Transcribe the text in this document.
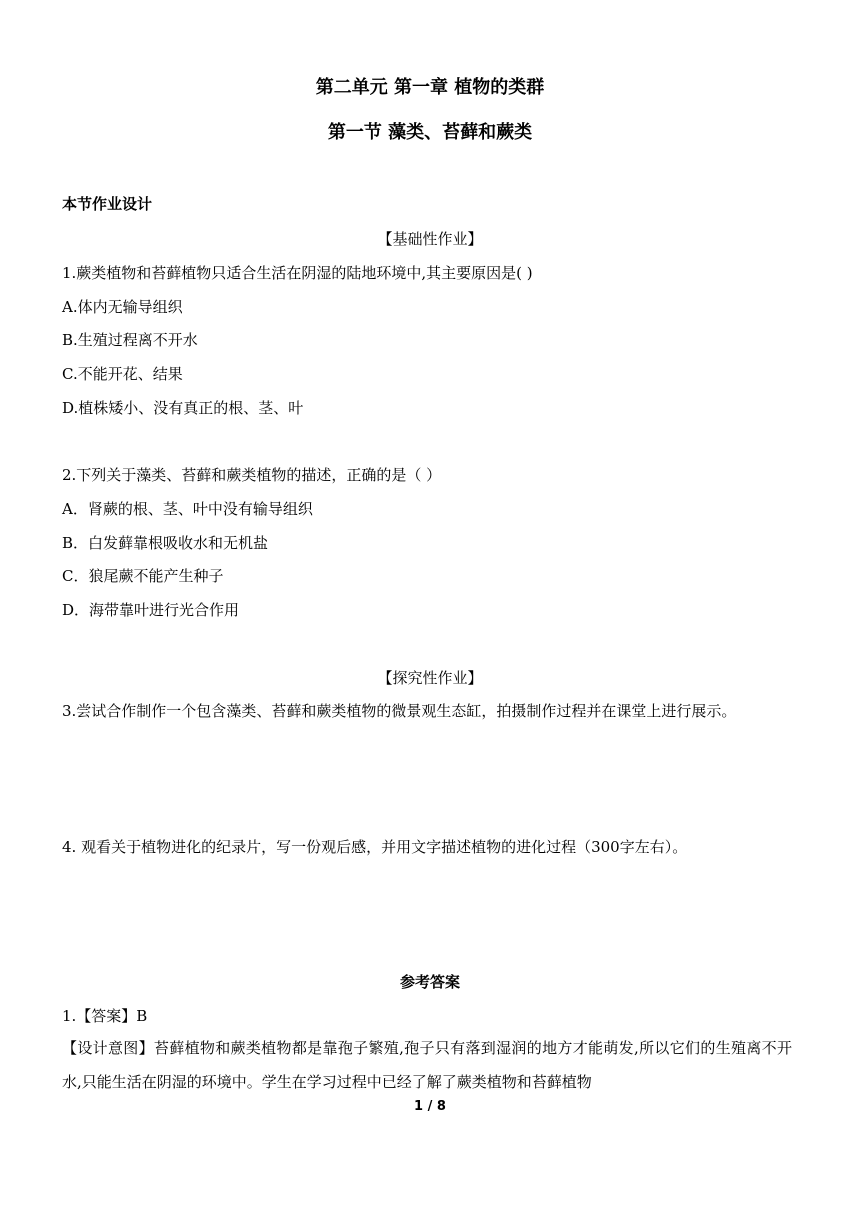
第二单元 第一章 植物的类群
第一节 藻类、苔藓和蕨类
本节作业设计
【基础性作业】
1.蕨类植物和苔藓植物只适合生活在阴湿的陆地环境中,其主要原因是( )
A.体内无输导组织
B.生殖过程离不开水
C.不能开花、结果
D.植株矮小、没有真正的根、茎、叶
2.下列关于藻类、苔藓和蕨类植物的描述，正确的是（ ）
A．肾蕨的根、茎、叶中没有输导组织
B．白发藓靠根吸收水和无机盐
C．狼尾蕨不能产生种子
D．海带靠叶进行光合作用
【探究性作业】
3.尝试合作制作一个包含藻类、苔藓和蕨类植物的微景观生态缸，拍摄制作过程并在课堂上进行展示。
4. 观看关于植物进化的纪录片，写一份观后感，并用文字描述植物的进化过程（300字左右）。
参考答案
1.【答案】B
【设计意图】苔藓植物和蕨类植物都是靠孢子繁殖,孢子只有落到湿润的地方才能萌发,所以它们的生殖离不开水,只能生活在阴湿的环境中。学生在学习过程中已经了解了蕨类植物和苔藓植物
1 / 8
